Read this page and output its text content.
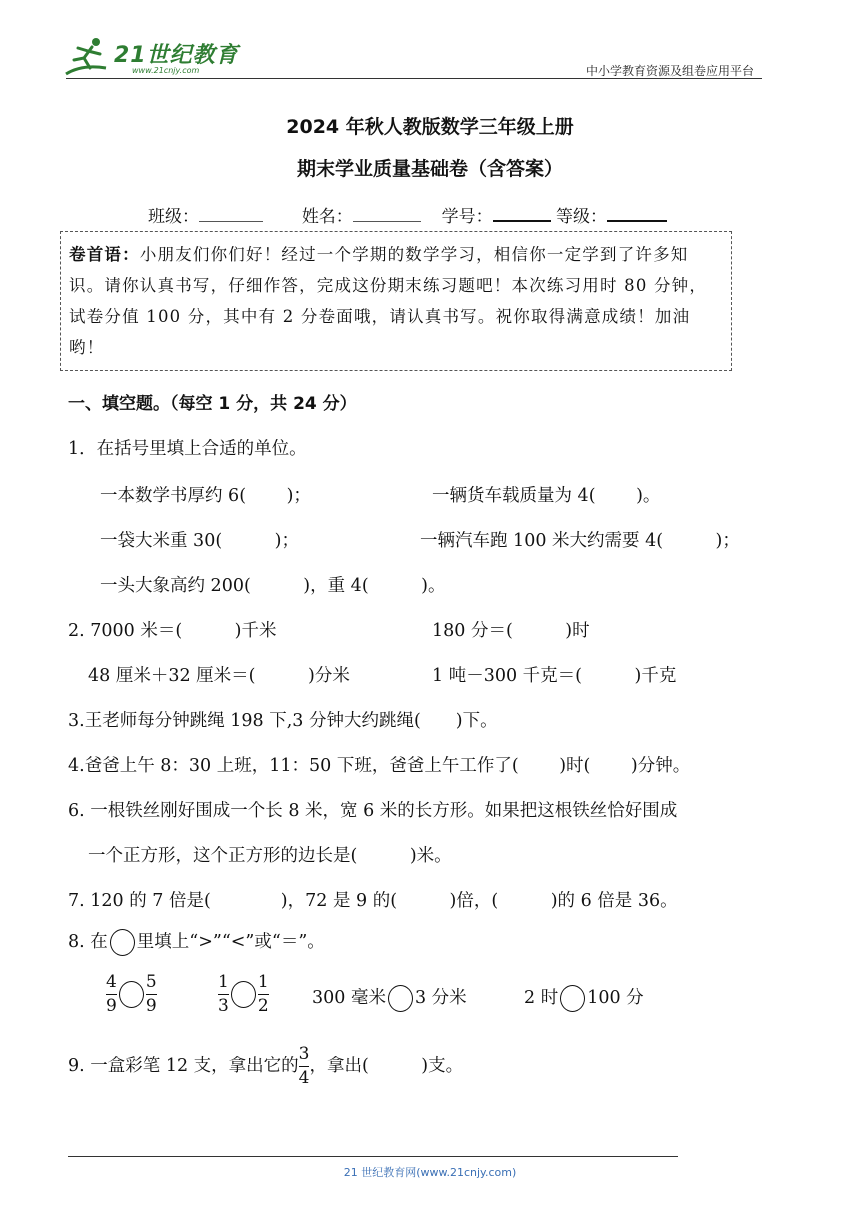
21世纪教育
www.21cnjy.com	中小学教育资源及组卷应用平台
2024 年秋人教版数学三年级上册
期末学业质量基础卷（含答案）
班级：	姓名：	学号：	等级：
卷首语：小朋友们你们好！经过一个学期的数学学习，相信你一定学到了许多知识。请你认真书写，仔细作答，完成这份期末练习题吧！本次练习用时 80 分钟，试卷分值 100 分，其中有 2 分卷面哦，请认真书写。祝你取得满意成绩！加油哟！
一、填空题。（每空 1 分，共 24 分）
1．在括号里填上合适的单位。
一本数学书厚约 6(　　 )；	一辆货车载质量为 4(　　 )。
一袋大米重 30(　　　)；	一辆汽车跑 100 米大约需要 4(　　　)；
一头大象高约 200(　　　)，重 4(　　　)。
2. 7000 米＝(　　　)千米	180 分＝(　　　)时
48 厘米＋32 厘米＝(　　　)分米	1 吨－300 千克＝(　　　)千克
3.王老师每分钟跳绳 198 下,3 分钟大约跳绳(　　)下。
4.爸爸上午 8：30 上班，11：50 下班，爸爸上午工作了(　　 )时(　　 )分钟。
6. 一根铁丝刚好围成一个长 8 米，宽 6 米的长方形。如果把这根铁丝恰好围成
一个正方形，这个正方形的边长是(　　　)米。
7. 120 的 7 倍是(　　　　)，72 是 9 的(　　　)倍，(　　　)的 6 倍是 36。
8. 在 里填上“>”“<”或“＝”。
$\frac{4}{9} \frac{5}{9}$	$\frac{1}{3} \frac{1}{2} 300$ 毫米 3 分米	2 时 100 分
9. 一盒彩笔 12 支，拿出它的 $\frac{3}{4}$ ，拿出(　　　)支。
21 世纪教育网(www.21cnjy.com)
